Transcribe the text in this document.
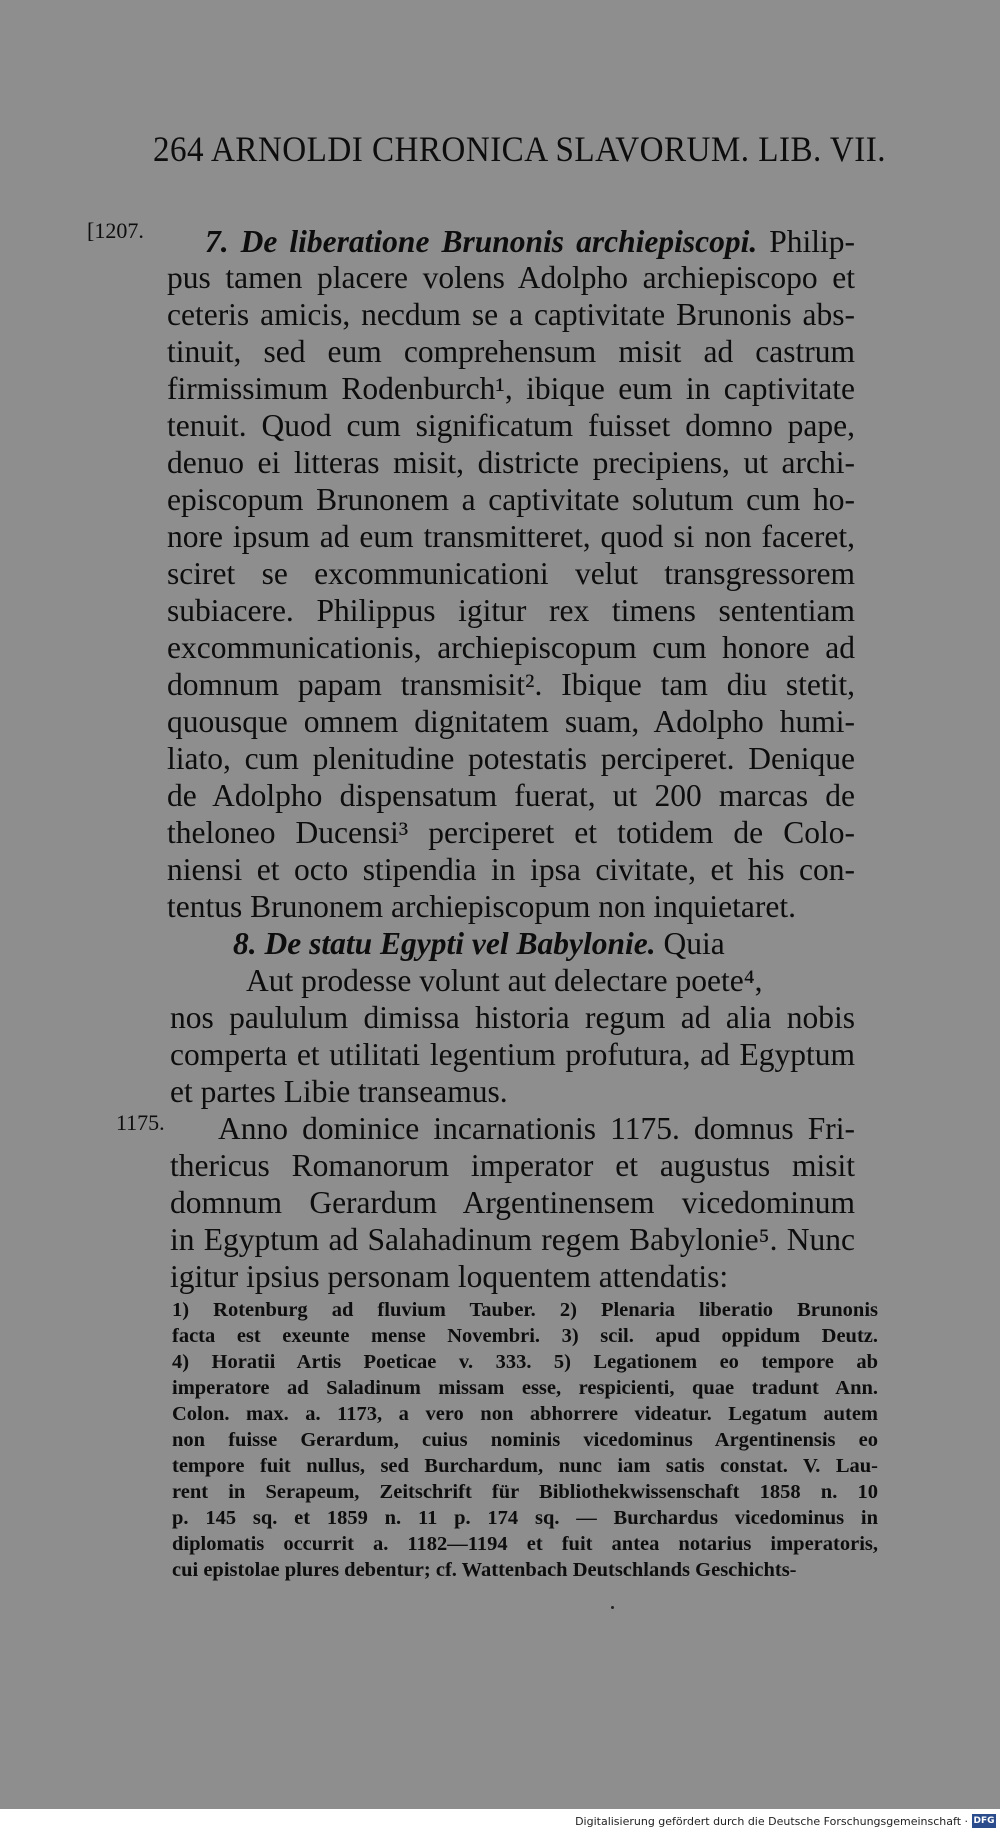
264 ARNOLDI CHRONICA SLAVORUM. LIB. VII.
[1207.
1175.
7. De liberatione Brunonis archiepiscopi. Philip-
pus tamen placere volens Adolpho archiepiscopo et
ceteris amicis, necdum se a captivitate Brunonis abs-
tinuit, sed eum comprehensum misit ad castrum
firmissimum Rodenburch¹, ibique eum in captivitate
tenuit. Quod cum significatum fuisset domno pape,
denuo ei litteras misit, districte precipiens, ut archi-
episcopum Brunonem a captivitate solutum cum ho-
nore ipsum ad eum transmitteret, quod si non faceret,
sciret se excommunicationi velut transgressorem
subiacere. Philippus igitur rex timens sententiam
excommunicationis, archiepiscopum cum honore ad
domnum papam transmisit². Ibique tam diu stetit,
quousque omnem dignitatem suam, Adolpho humi-
liato, cum plenitudine potestatis perciperet. Denique
de Adolpho dispensatum fuerat, ut 200 marcas de
theloneo Ducensi³ perciperet et totidem de Colo-
niensi et octo stipendia in ipsa civitate, et his con-
tentus Brunonem archiepiscopum non inquietaret.
8. De statu Egypti vel Babylonie. Quia
Aut prodesse volunt aut delectare poete⁴,
nos paululum dimissa historia regum ad alia nobis
comperta et utilitati legentium profutura, ad Egyptum
et partes Libie transeamus.
Anno dominice incarnationis 1175. domnus Fri-
thericus Romanorum imperator et augustus misit
domnum Gerardum Argentinensem vicedominum
in Egyptum ad Salahadinum regem Babylonie⁵. Nunc
igitur ipsius personam loquentem attendatis:
1) Rotenburg ad fluvium Tauber. 2) Plenaria liberatio Brunonis
facta est exeunte mense Novembri. 3) scil. apud oppidum Deutz.
4) Horatii Artis Poeticae v. 333. 5) Legationem eo tempore ab
imperatore ad Saladinum missam esse, respicienti, quae tradunt Ann.
Colon. max. a. 1173, a vero non abhorrere videatur. Legatum autem
non fuisse Gerardum, cuius nominis vicedominus Argentinensis eo
tempore fuit nullus, sed Burchardum, nunc iam satis constat. V. Lau-
rent in Serapeum, Zeitschrift für Bibliothekwissenschaft 1858 n. 10
p. 145 sq. et 1859 n. 11 p. 174 sq. — Burchardus vicedominus in
diplomatis occurrit a. 1182—1194 et fuit antea notarius imperatoris,
cui epistolae plures debentur; cf. Wattenbach Deutschlands Geschichts-
Digitalisierung gefördert durch die Deutsche Forschungsgemeinschaft · DFG
